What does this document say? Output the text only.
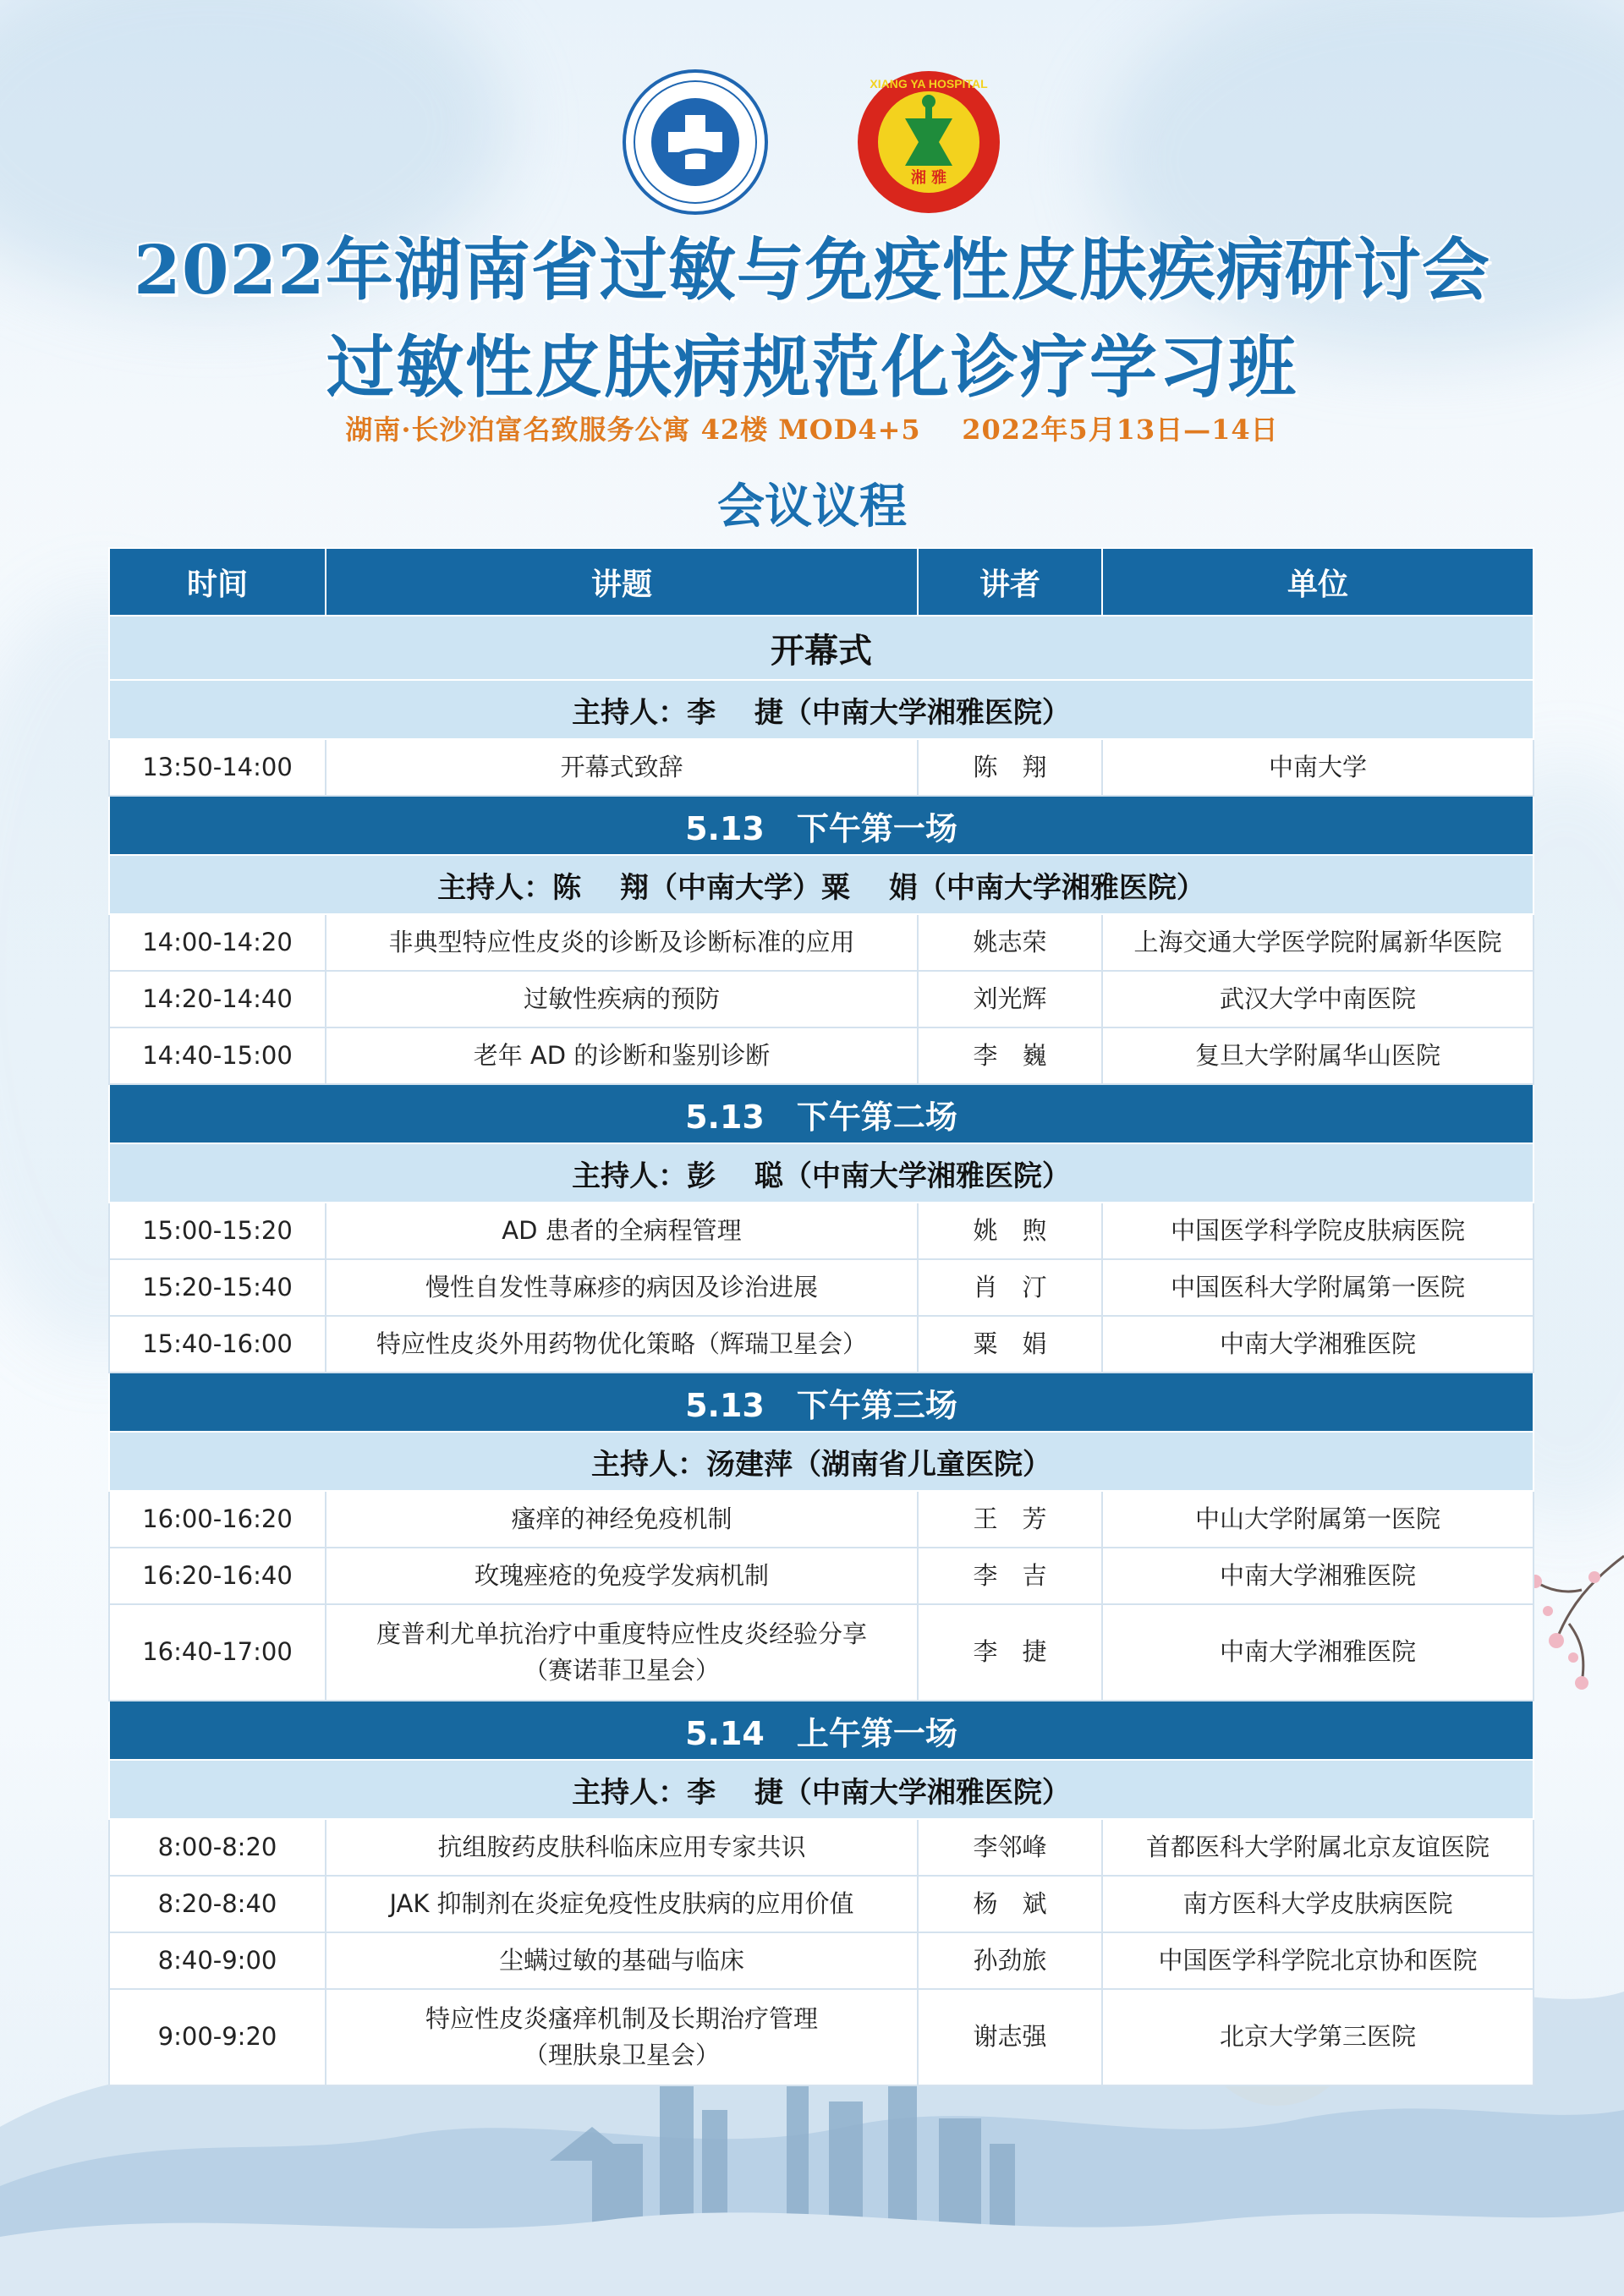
XIANG YA HOSPITAL
湘 雅
2022年湖南省过敏与免疫性皮肤疾病研讨会
过敏性皮肤病规范化诊疗学习班
湖南·长沙泊富名致服务公寓 42楼 MOD4+5    2022年5月13日—14日
会议议程
时间	讲题	讲者	单位
开幕式			
主持人：李　 捷（中南大学湘雅医院）			
13:50-14:00	开幕式致辞	陈　翔	中南大学
5.13　下午第一场			
主持人：陈　 翔（中南大学）粟　 娟（中南大学湘雅医院）			
14:00-14:20	非典型特应性皮炎的诊断及诊断标准的应用	姚志荣	上海交通大学医学院附属新华医院
14:20-14:40	过敏性疾病的预防	刘光辉	武汉大学中南医院
14:40-15:00	老年 AD 的诊断和鉴别诊断	李　巍	复旦大学附属华山医院
5.13　下午第二场			
主持人：彭　 聪（中南大学湘雅医院）			
15:00-15:20	AD 患者的全病程管理	姚　煦	中国医学科学院皮肤病医院
15:20-15:40	慢性自发性荨麻疹的病因及诊治进展	肖　汀	中国医科大学附属第一医院
15:40-16:00	特应性皮炎外用药物优化策略（辉瑞卫星会）	粟　娟	中南大学湘雅医院
5.13　下午第三场			
主持人：汤建萍（湖南省儿童医院）			
16:00-16:20	瘙痒的神经免疫机制	王　芳	中山大学附属第一医院
16:20-16:40	玫瑰痤疮的免疫学发病机制	李　吉	中南大学湘雅医院
16:40-17:00	度普利尤单抗治疗中重度特应性皮炎经验分享
（赛诺菲卫星会）	李　捷	中南大学湘雅医院
5.14　上午第一场			
主持人：李　 捷（中南大学湘雅医院）			
8:00-8:20	抗组胺药皮肤科临床应用专家共识	李邻峰	首都医科大学附属北京友谊医院
8:20-8:40	JAK 抑制剂在炎症免疫性皮肤病的应用价值	杨　斌	南方医科大学皮肤病医院
8:40-9:00	尘螨过敏的基础与临床	孙劲旅	中国医学科学院北京协和医院
9:00-9:20	特应性皮炎瘙痒机制及长期治疗管理
（理肤泉卫星会）	谢志强	北京大学第三医院
